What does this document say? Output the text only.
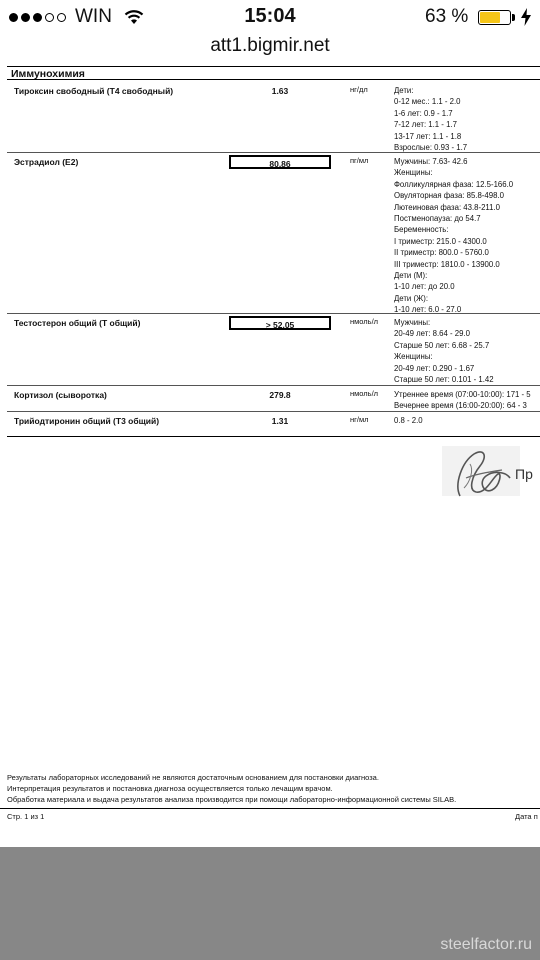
WIN	15:04	63 %
att1.bigmir.net
Иммунохимия
Тироксин свободный (Т4 свободный)	1.63	нг/дл	Дети:
0-12 мес.: 1.1 - 2.0
1-6 лет: 0.9 - 1.7
7-12 лет: 1.1 - 1.7
13-17 лет: 1.1 - 1.8
Взрослые: 0.93 - 1.7
Эстрадиол (Е2)	80.86	пг/мл	Мужчины: 7.63- 42.6
Женщины:
Фолликулярная фаза: 12.5-166.0
Овуляторная фаза: 85.8-498.0
Лютеиновая фаза: 43.8-211.0
Постменопауза: до 54.7
Беременность:
I триместр: 215.0 - 4300.0
II триместр: 800.0 - 5760.0
III триместр: 1810.0 - 13900.0
Дети (М):
1-10 лет: до 20.0
Дети (Ж):
1-10 лет: 6.0 - 27.0
Тестостерон общий (Т общий)	> 52.05	нмоль/л Мужчины:
20-49 лет: 8.64 - 29.0
Старше 50 лет: 6.68 - 25.7
Женщины:
20-49 лет: 0.290 - 1.67
Старше 50 лет: 0.101 - 1.42
Кортизол (сыворотка)	279.8	нмоль/л Утреннее время (07:00-10:00): 171 - 5
Вечернее время (16:00-20:00): 64 - 3
Трийодтиронин общий (Т3 общий)	1.31	нг/мл	0.8 - 2.0
Пр
Результаты лабораторных исследований не являются достаточным основанием для постановки диагноза.
Интерпретация результатов и постановка диагноза осуществляется только лечащим врачом.
Обработка материала и выдача результатов анализа производится при помощи лабораторно-информационной системы SILAB.
Стр. 1 из 1	Дата п
steelfactor.ru
